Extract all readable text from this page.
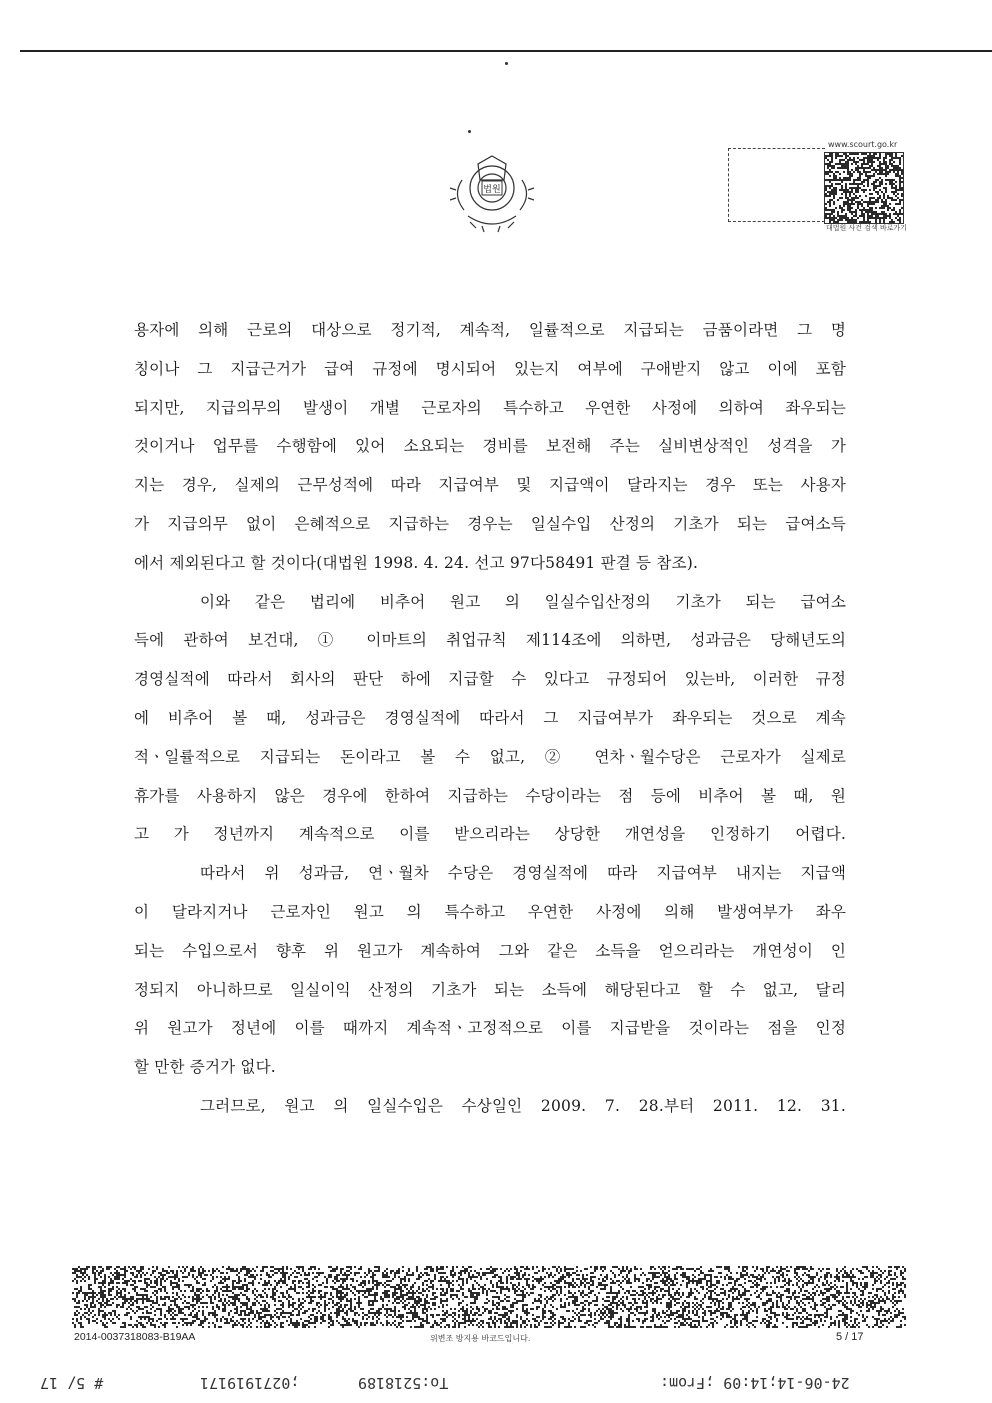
법원
www.scourt.go.kr
대법원 사건 검색 바로가기
용자에 의해 근로의 대상으로 정기적, 계속적, 일률적으로 지급되는 금품이라면 그 명
칭이나 그 지급근거가 급여 규정에 명시되어 있는지 여부에 구애받지 않고 이에 포함
되지만, 지급의무의 발생이 개별 근로자의 특수하고 우연한 사정에 의하여 좌우되는
것이거나 업무를 수행함에 있어 소요되는 경비를 보전해 주는 실비변상적인 성격을 가
지는 경우, 실제의 근무성적에 따라 지급여부 및 지급액이 달라지는 경우 또는 사용자
가 지급의무 없이 은혜적으로 지급하는 경우는 일실수입 산정의 기초가 되는 급여소득
에서 제외된다고 할 것이다(대법원 1998. 4. 24. 선고 97다58491 판결 등 참조).
이와 같은 법리에 비추어 원고 의 일실수입산정의 기초가 되는 급여소
득에 관하여 보건대, ① 이마트의 취업규칙 제114조에 의하면, 성과금은 당해년도의
경영실적에 따라서 회사의 판단 하에 지급할 수 있다고 규정되어 있는바, 이러한 규정
에 비추어 볼 때, 성과금은 경영실적에 따라서 그 지급여부가 좌우되는 것으로 계속
적ㆍ일률적으로 지급되는 돈이라고 볼 수 없고, ② 연차ㆍ월수당은 근로자가 실제로
휴가를 사용하지 않은 경우에 한하여 지급하는 수당이라는 점 등에 비추어 볼 때, 원
고 가 정년까지 계속적으로 이를 받으리라는 상당한 개연성을 인정하기 어렵다.
따라서 위 성과금, 연ㆍ월차 수당은 경영실적에 따라 지급여부 내지는 지급액
이 달라지거나 근로자인 원고 의 특수하고 우연한 사정에 의해 발생여부가 좌우
되는 수입으로서 향후 위 원고가 계속하여 그와 같은 소득을 얻으리라는 개연성이 인
정되지 아니하므로 일실이익 산정의 기초가 되는 소득에 해당된다고 할 수 없고, 달리
위 원고가 정년에 이를 때까지 계속적ㆍ고정적으로 이를 지급받을 것이라는 점을 인정
할 만한 증거가 없다.
그러므로, 원고 의 일실수입은 수상일인 2009. 7. 28.부터 2011. 12. 31.
2014-0037318083-B19AA	위변조 방지용 바코드입니다.	5 / 17
# 5/ 17	;0271919171	To:5218189	24-06-14;14:09 ;From:
